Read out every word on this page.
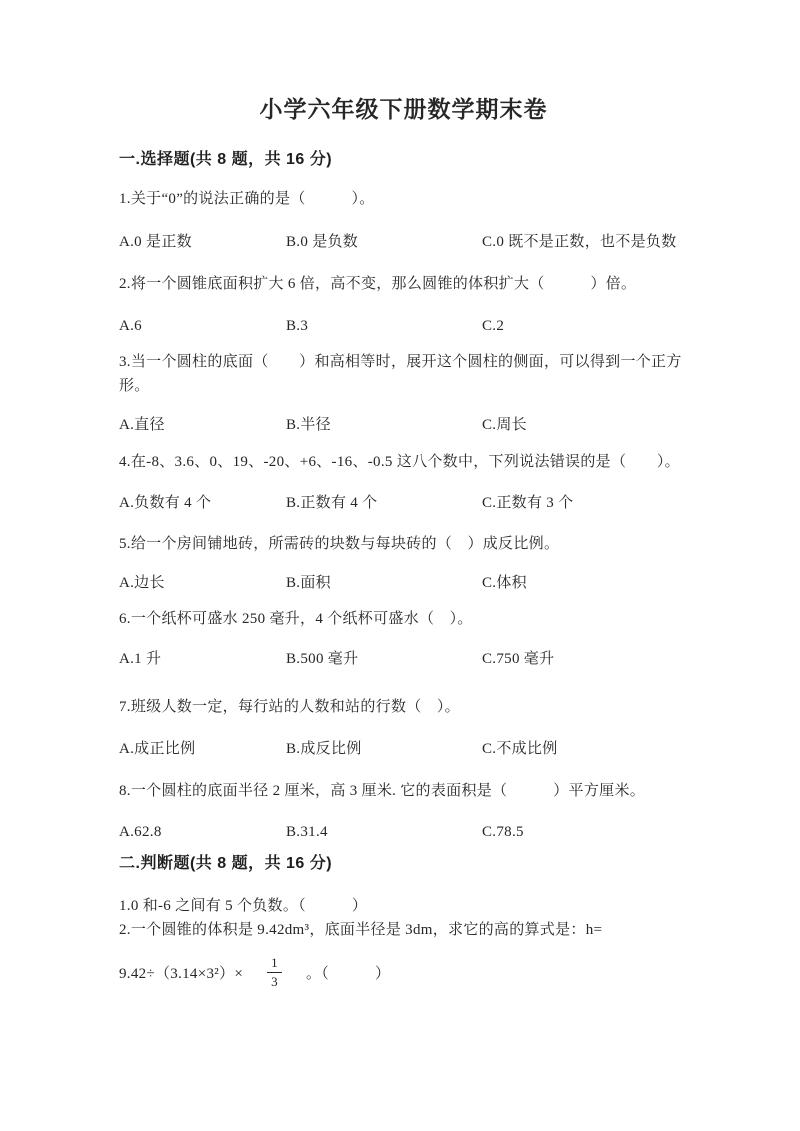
小学六年级下册数学期末卷
一.选择题(共 8 题，共 16 分)
1.关于“0”的说法正确的是（　　　）。
A.0 是正数	B.0 是负数	C.0 既不是正数，也不是负数
2.将一个圆锥底面积扩大 6 倍，高不变，那么圆锥的体积扩大（　　　）倍。
A.6	B.3	C.2
3.当一个圆柱的底面（　　）和高相等时，展开这个圆柱的侧面，可以得到一个正方形。
A.直径	B.半径	C.周长
4.在-8、3.6、0、19、-20、+6、-16、-0.5 这八个数中，下列说法错误的是（　　）。
A.负数有 4 个	B.正数有 4 个	C.正数有 3 个
5.给一个房间铺地砖，所需砖的块数与每块砖的（　）成反比例。
A.边长	B.面积	C.体积
6.一个纸杯可盛水 250 毫升，4 个纸杯可盛水（　）。
A.1 升	B.500 毫升	C.750 毫升
7.班级人数一定，每行站的人数和站的行数（　）。
A.成正比例	B.成反比例	C.不成比例
8.一个圆柱的底面半径 2 厘米，高 3 厘米. 它的表面积是（　　　）平方厘米。
A.62.8	B.31.4	C.78.5
二.判断题(共 8 题，共 16 分)
1.0 和-6 之间有 5 个负数。（　　　）
2.一个圆锥的体积是 9.42dm³，底面半径是 3dm，求它的高的算式是：h=
$9.42\div(3.14\times 3^2)\times \frac{1}{3}$ 。（　　　）
